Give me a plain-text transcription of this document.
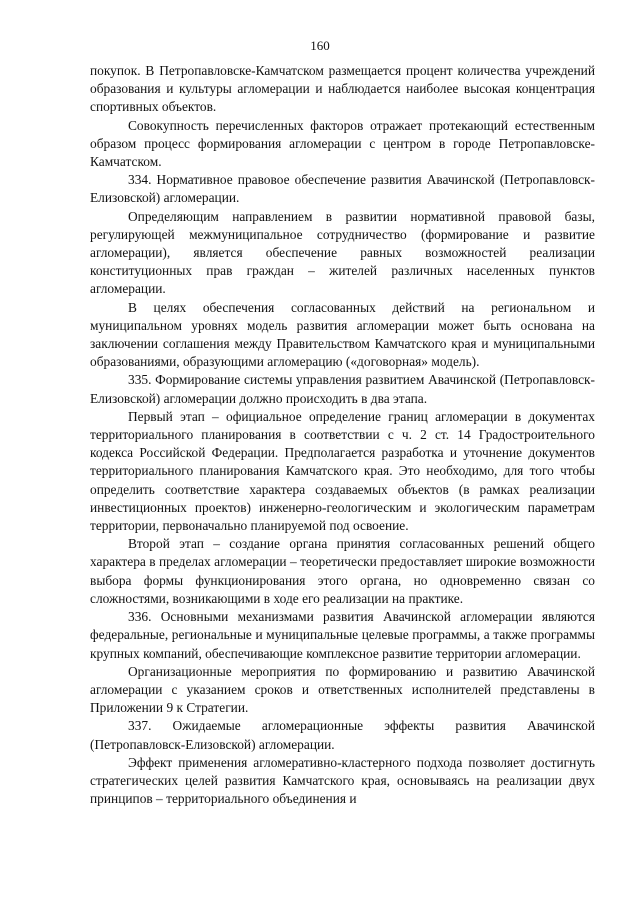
160

покупок. В Петропавловске-Камчатском размещается процент количества учреждений образования и культуры агломерации и наблюдается наиболее высокая концентрация спортивных объектов.

Совокупность перечисленных факторов отражает протекающий естественным образом процесс формирования агломерации с центром в городе Петропавловске-Камчатском.

334. Нормативное правовое обеспечение развития Авачинской (Петропавловск-Елизовской) агломерации.

Определяющим направлением в развитии нормативной правовой базы, регулирующей межмуниципальное сотрудничество (формирование и развитие агломерации), является обеспечение равных возможностей реализации конституционных прав граждан – жителей различных населенных пунктов агломерации.

В целях обеспечения согласованных действий на региональном и муниципальном уровнях модель развития агломерации может быть основана на заключении соглашения между Правительством Камчатского края и муниципальными образованиями, образующими агломерацию («договорная» модель).

335. Формирование системы управления развитием Авачинской (Петропавловск-Елизовской) агломерации должно происходить в два этапа.

Первый этап – официальное определение границ агломерации в документах территориального планирования в соответствии с ч. 2 ст. 14 Градостроительного кодекса Российской Федерации. Предполагается разработка и уточнение документов территориального планирования Камчатского края. Это необходимо, для того чтобы определить соответствие характера создаваемых объектов (в рамках реализации инвестиционных проектов) инженерно-геологическим и экологическим параметрам территории, первоначально планируемой под освоение.

Второй этап – создание органа принятия согласованных решений общего характера в пределах агломерации – теоретически предоставляет широкие возможности выбора формы функционирования этого органа, но одновременно связан со сложностями, возникающими в ходе его реализации на практике.

336. Основными механизмами развития Авачинской агломерации являются федеральные, региональные и муниципальные целевые программы, а также программы крупных компаний, обеспечивающие комплексное развитие территории агломерации.

Организационные мероприятия по формированию и развитию Авачинской агломерации с указанием сроков и ответственных исполнителей представлены в Приложении 9 к Стратегии.

337. Ожидаемые агломерационные эффекты развития Авачинской (Петропавловск-Елизовской) агломерации.

Эффект применения агломеративно-кластерного подхода позволяет достигнуть стратегических целей развития Камчатского края, основываясь на реализации двух принципов – территориального объединения и
